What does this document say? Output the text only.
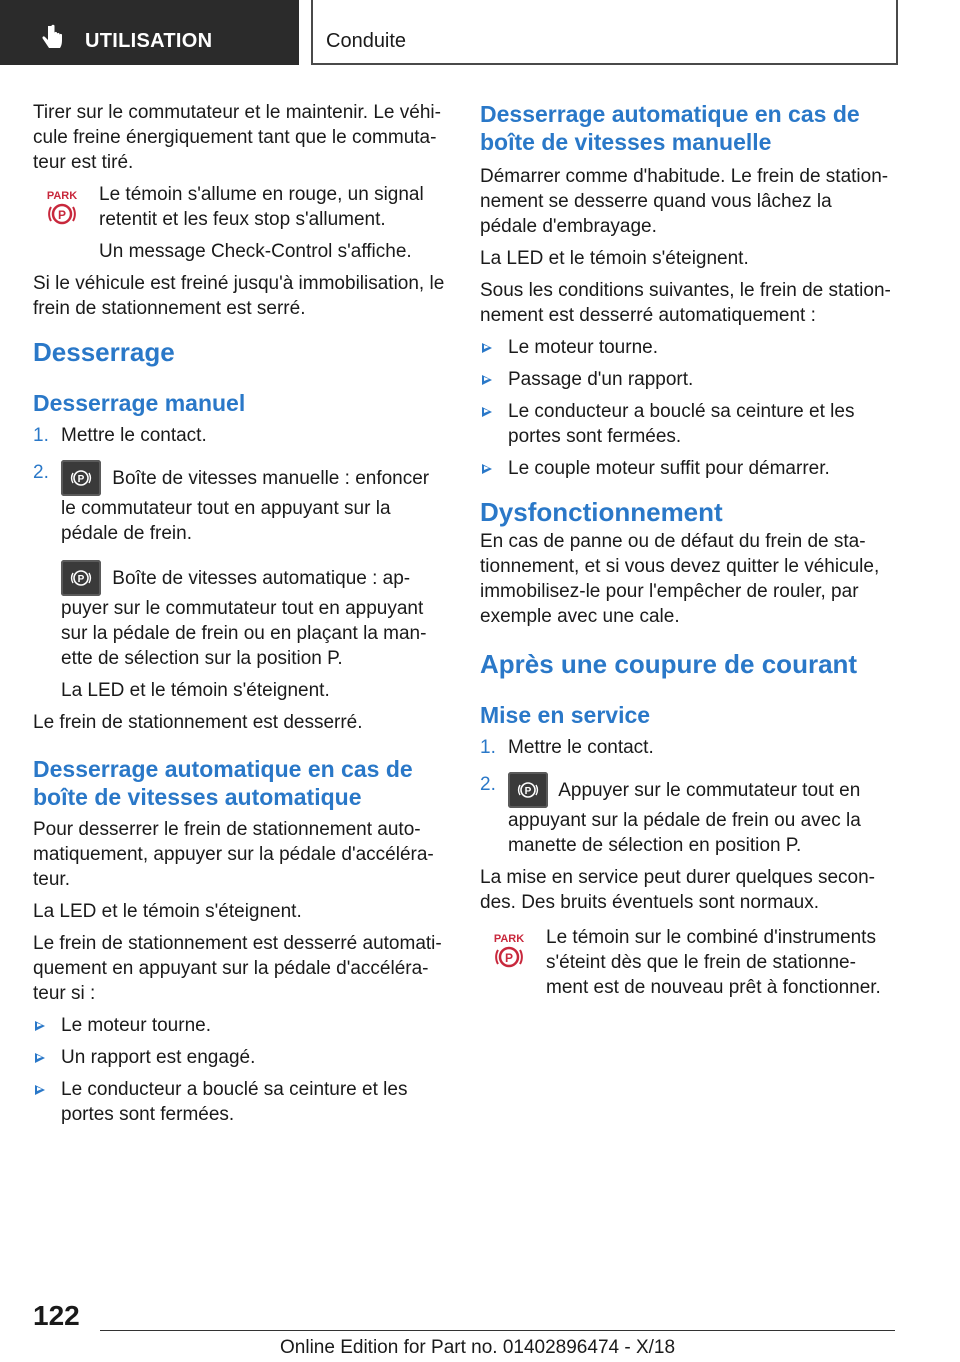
UTILISATION	Conduite

Tirer sur le commutateur et le maintenir. Le véhi-cule freine énergiquement tant que le commuta-teur est tiré.

PARK
P

Le témoin s'allume en rouge, un signal retentit et les feux stop s'allument.

Un message Check-Control s'affiche.

Si le véhicule est freiné jusqu'à immobilisation, le frein de stationnement est serré.

Desserrage
Desserrage manuel
1. Mettre le contact.
2.	P Boîte de vitesses manuelle : enfoncer le commutateur tout en appuyant sur la pédale de frein.
P Boîte de vitesses automatique : ap-puyer sur le commutateur tout en appuyant sur la pédale de frein ou en plaçant la man-ette de sélection sur la position P.
La LED et le témoin s'éteignent.

Le frein de stationnement est desserré.

Desserrage automatique en cas de boîte de vitesses automatique

Pour desserrer le frein de stationnement auto-matiquement, appuyer sur la pédale d'accéléra-teur.

La LED et le témoin s'éteignent.

Le frein de stationnement est desserré automati-quement en appuyant sur la pédale d'accéléra-teur si :

Le moteur tourne.
Un rapport est engagé.
Le conducteur a bouclé sa ceinture et les portes sont fermées.
Desserrage automatique en cas de boîte de vitesses manuelle

Démarrer comme d'habitude. Le frein de station-nement se desserre quand vous lâchez la pédale d'embrayage.

La LED et le témoin s'éteignent.

Sous les conditions suivantes, le frein de station-nement est desserré automatiquement :

Le moteur tourne.
Passage d'un rapport.
Le conducteur a bouclé sa ceinture et les portes sont fermées.
Le couple moteur suffit pour démarrer.
Dysfonctionnement

En cas de panne ou de défaut du frein de sta-tionnement, et si vous devez quitter le véhicule, immobilisez-le pour l'empêcher de rouler, par exemple avec une cale.

Après une coupure de courant
Mise en service
1. Mettre le contact.
2.	P Appuyer sur le commutateur tout en appuyant sur la pédale de frein ou avec la manette de sélection en position P.

La mise en service peut durer quelques secon-des. Des bruits éventuels sont normaux.

PARK
P

Le témoin sur le combiné d'instruments s'éteint dès que le frein de stationne-ment est de nouveau prêt à fonctionner.

122
Online Edition for Part no. 01402896474 - X/18
